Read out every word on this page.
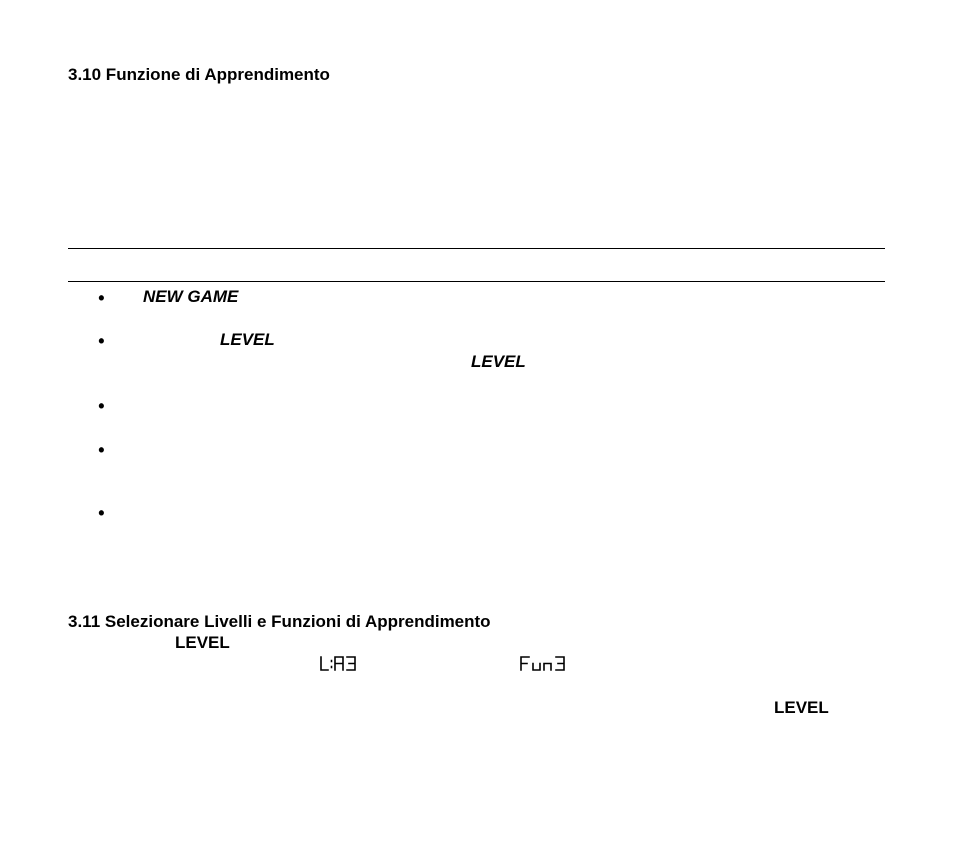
3.10 Funzione di Apprendimento
• NEW GAME
•	LEVEL
LEVEL
•
•
•
3.11 Selezionare Livelli e Funzioni di Apprendimento
LEVEL
LEVEL
